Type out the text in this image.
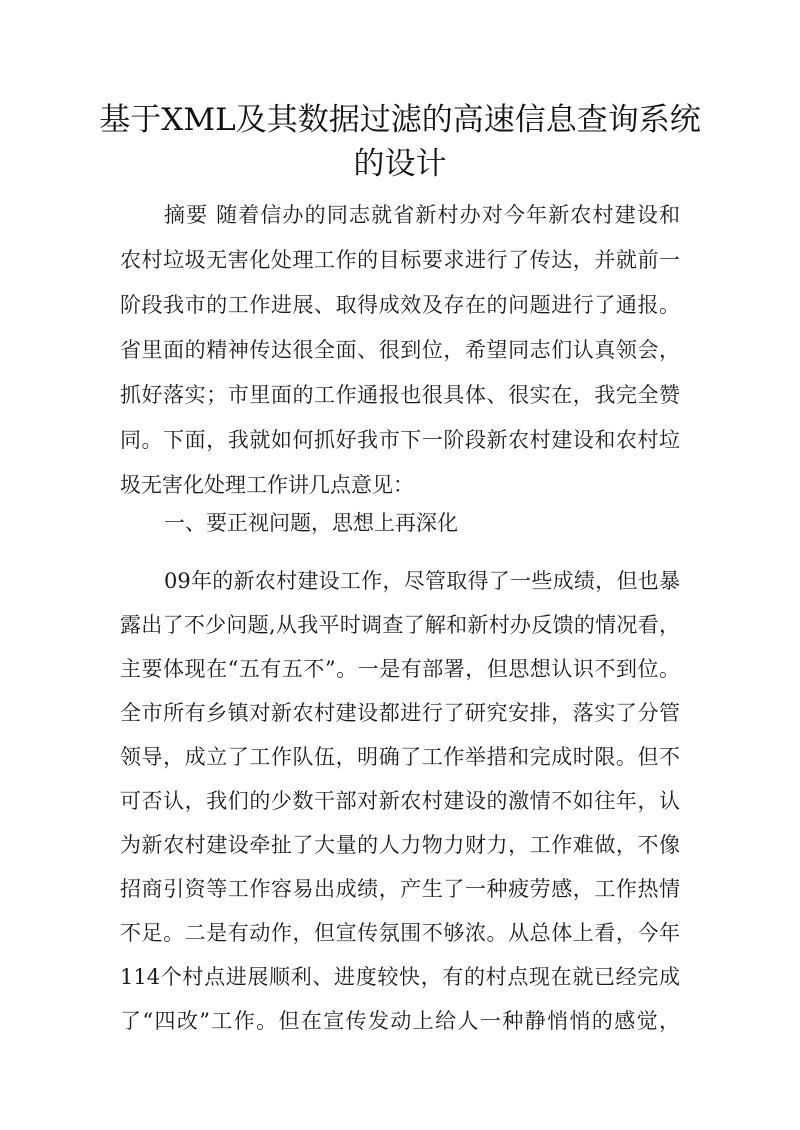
基于XML及其数据过滤的高速信息查询系统
的设计
摘要 随着信办的同志就省新村办对今年新农村建设和
农村垃圾无害化处理工作的目标要求进行了传达，并就前一
阶段我市的工作进展、取得成效及存在的问题进行了通报。
省里面的精神传达很全面、很到位，希望同志们认真领会，
抓好落实；市里面的工作通报也很具体、很实在，我完全赞
同。下面，我就如何抓好我市下一阶段新农村建设和农村垃
圾无害化处理工作讲几点意见：
一、要正视问题，思想上再深化
09年的新农村建设工作，尽管取得了一些成绩，但也暴
露出了不少问题,从我平时调查了解和新村办反馈的情况看，
主要体现在“五有五不”。一是有部署，但思想认识不到位。
全市所有乡镇对新农村建设都进行了研究安排，落实了分管
领导，成立了工作队伍，明确了工作举措和完成时限。但不
可否认，我们的少数干部对新农村建设的激情不如往年，认
为新农村建设牵扯了大量的人力物力财力，工作难做，不像
招商引资等工作容易出成绩，产生了一种疲劳感，工作热情
不足。二是有动作，但宣传氛围不够浓。从总体上看，今年
114个村点进展顺利、进度较快，有的村点现在就已经完成
了“四改”工作。但在宣传发动上给人一种静悄悄的感觉，
